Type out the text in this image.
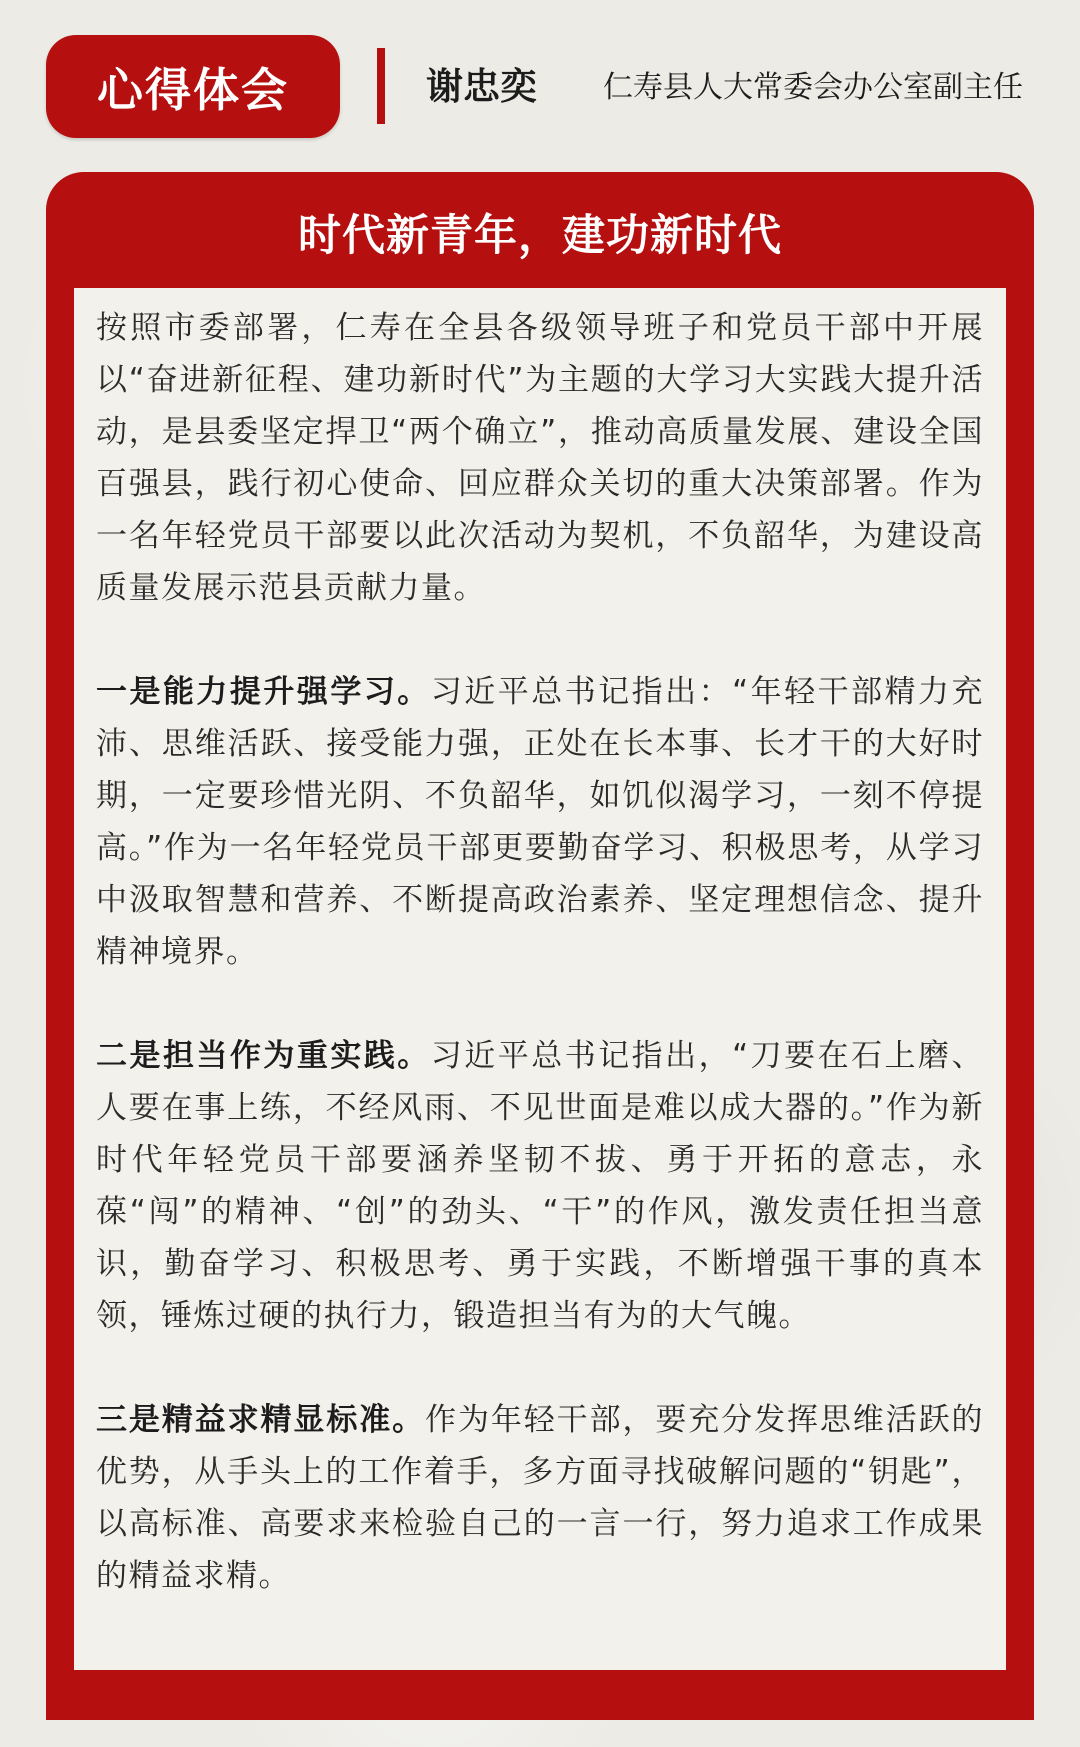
心得体会	谢忠奕 仁寿县人大常委会办公室副主任
时代新青年，建功新时代

按照市委部署，仁寿在全县各级领导班子和党员干部中开展以“奋进新征程、建功新时代”为主题的大学习大实践大提升活动，是县委坚定捍卫“两个确立”，推动高质量发展、建设全国百强县，践行初心使命、回应群众关切的重大决策部署。作为一名年轻党员干部要以此次活动为契机，不负韶华，为建设高质量发展示范县贡献力量。

一是能力提升强学习。习近平总书记指出：“年轻干部精力充沛、思维活跃、接受能力强，正处在长本事、长才干的大好时期，一定要珍惜光阴、不负韶华，如饥似渴学习，一刻不停提高。”作为一名年轻党员干部更要勤奋学习、积极思考，从学习中汲取智慧和营养、不断提高政治素养、坚定理想信念、提升精神境界。

二是担当作为重实践。习近平总书记指出，“刀要在石上磨、人要在事上练，不经风雨、不见世面是难以成大器的。”作为新时代年轻党员干部要涵养坚韧不拔、勇于开拓的意志，永葆“闯”的精神、“创”的劲头、“干”的作风，激发责任担当意识，勤奋学习、积极思考、勇于实践，不断增强干事的真本领，锤炼过硬的执行力，锻造担当有为的大气魄。

三是精益求精显标准。作为年轻干部，要充分发挥思维活跃的优势，从手头上的工作着手，多方面寻找破解问题的“钥匙”，以高标准、高要求来检验自己的一言一行，努力追求工作成果的精益求精。
